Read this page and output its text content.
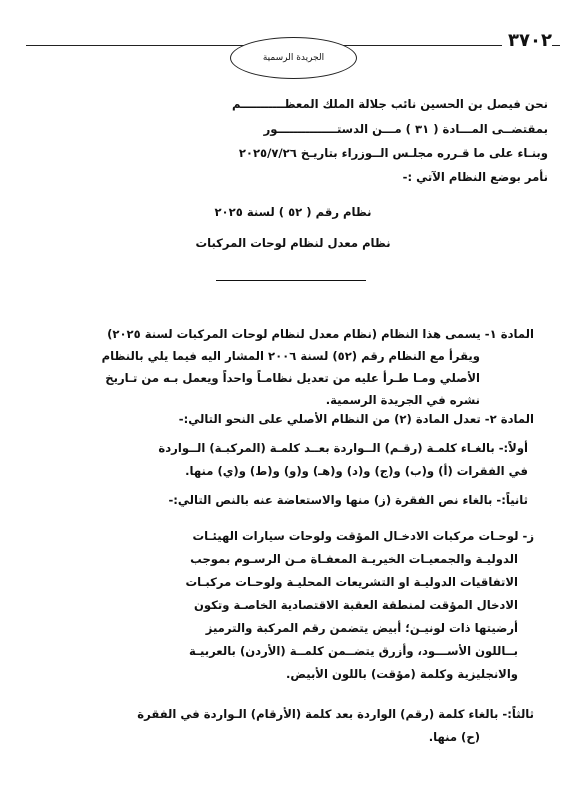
٣٧٠٢
الجريدة الرسمية
نحن فيصل بن الحسين نائب جلالة الملك المعظـــــــــــم
بمقتضــى المـــادة ( ٣١ ) مـــن الدستـــــــــــــــور
وبنـاء على ما قـرره مجلـس الــوزراء بتاريـخ ٢٠٢٥/٧/٢٦
نأمر بوضع النظام الآتي :-
نظام رقم ( ٥٢ ) لسنة ٢٠٢٥
نظام معدل لنظام لوحات المركبات
المادة ١- يسمى هذا النظام (نظام معدل لنظام لوحات المركبات لسنة ٢٠٢٥)
ويقرأ مع النظام رقم (٥٢) لسنة ٢٠٠٦ المشار اليه فيما يلي بالنظام
الأصلي ومـا طـرأ عليه من تعديل نظامـاً واحداً ويعمل بـه من تـاريخ
نشره في الجريدة الرسمية.
المادة ٢- تعدل المادة (٢) من النظام الأصلي على النحو التالي:-
أولاً:- بالغـاء كلمـة (رقـم) الــواردة بعــد كلمـة (المركبـة) الــواردة
في الفقرات (أ) و(ب) و(ج) و(د) و(هـ) و(و) و(ط) و(ي) منها.
ثانياً:- بالغاء نص الفقرة (ز) منها والاستعاضة عنه بالنص التالي:-
ز- لوحـات مركبات الادخـال المؤقت ولوحات سيارات الهيئـات
الدوليـة والجمعيـات الخيريـة المعفـاة مـن الرسـوم بموجب
الاتفاقيات الدوليـة او التشريعات المحليـة ولوحـات مركبـات
الادخال المؤقت لمنطقة العقبة الاقتصادية الخاصـة وتكون
أرضيتها ذات لونيـن؛ أبيض يتضمن رقم المركبة والترميز
بــاللون الأســـود، وأزرق يتضــمن كلمــة (الأردن) بالعربيـة
والانجليزية وكلمة (مؤقت) باللون الأبيض.
ثالثاً:- بالغاء كلمة (رقم) الواردة بعد كلمة (الأرقام) الـواردة في الفقرة
(ح) منها.
